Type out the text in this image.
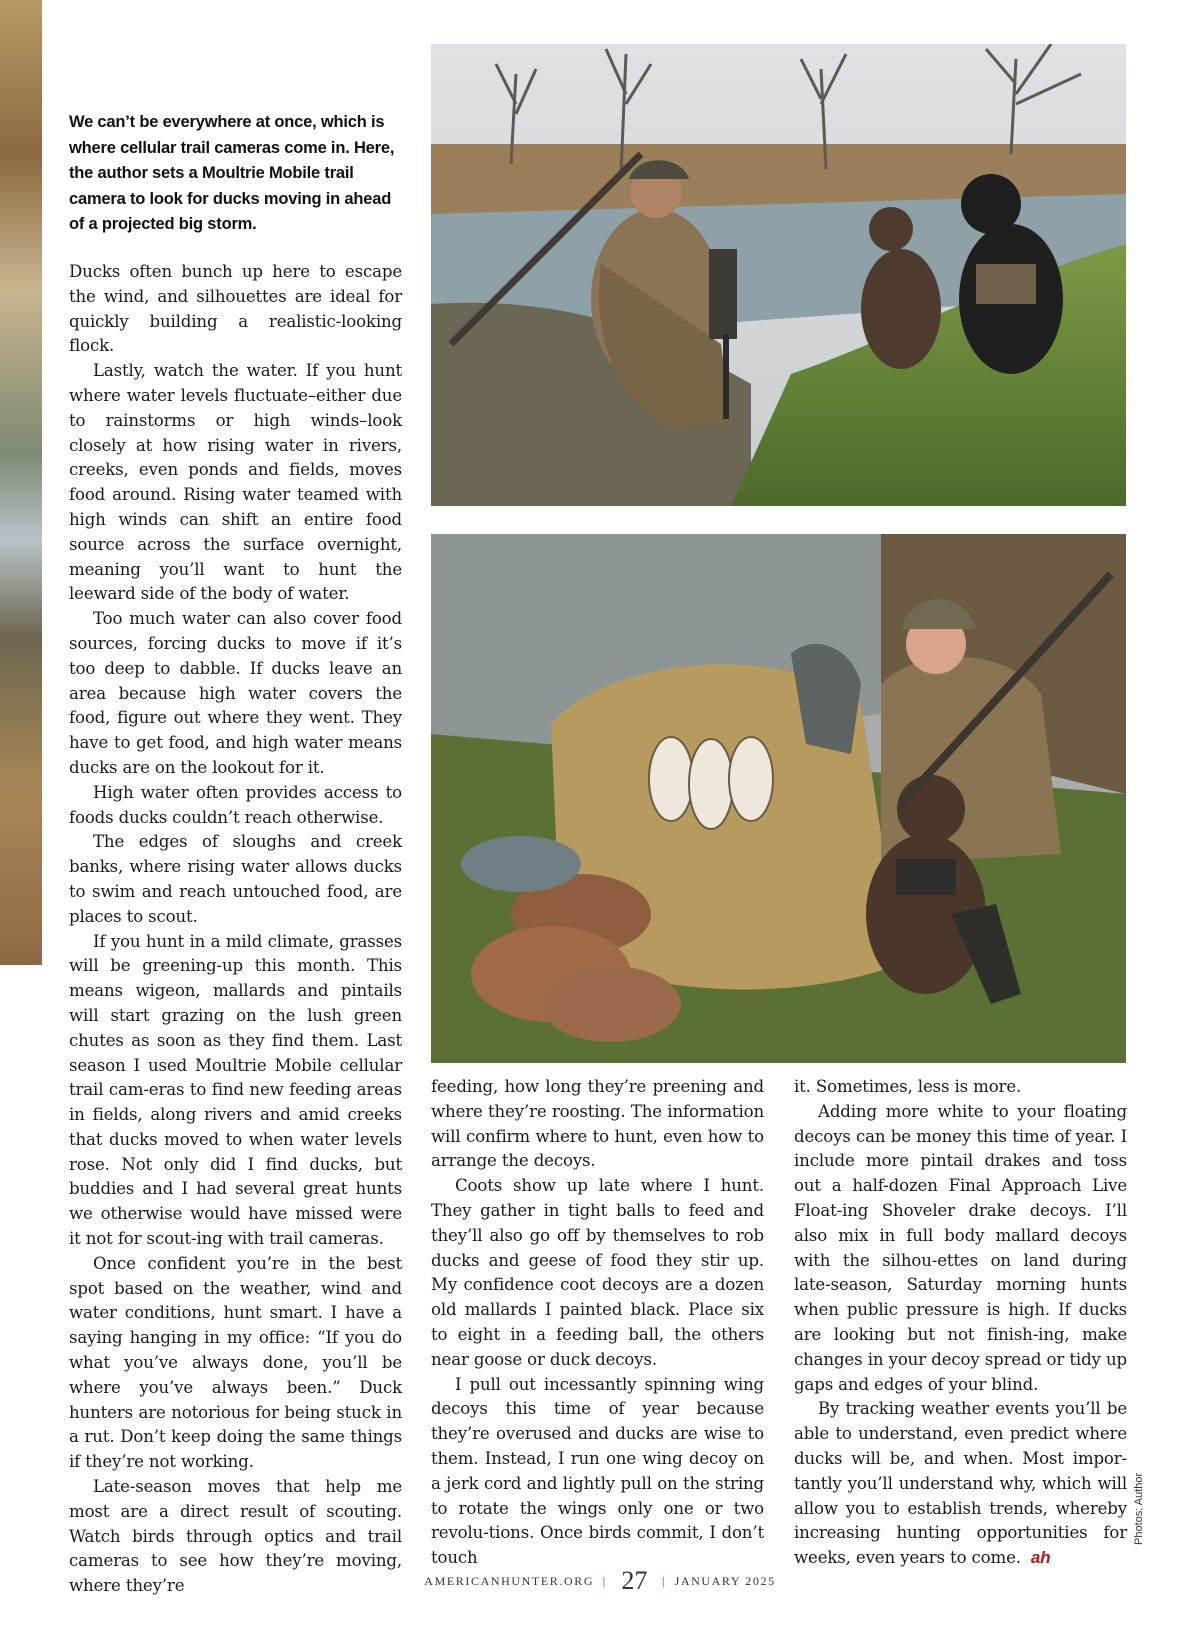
We can’t be everywhere at once, which is where cellular trail cameras come in. Here, the author sets a Moultrie Mobile trail camera to look for ducks moving in ahead of a projected big storm.

Ducks often bunch up here to escape the wind, and silhouettes are ideal for quickly building a realistic-looking flock.

Lastly, watch the water. If you hunt where water levels fluctuate–either due to rainstorms or high winds–look closely at how rising water in rivers, creeks, even ponds and fields, moves food around. Rising water teamed with high winds can shift an entire food source across the surface overnight, meaning you’ll want to hunt the leeward side of the body of water.

Too much water can also cover food sources, forcing ducks to move if it’s too deep to dabble. If ducks leave an area because high water covers the food, figure out where they went. They have to get food, and high water means ducks are on the lookout for it.

High water often provides access to foods ducks couldn’t reach otherwise.

The edges of sloughs and creek banks, where rising water allows ducks to swim and reach untouched food, are places to scout.

If you hunt in a mild climate, grasses will be greening-up this month. This means wigeon, mallards and pintails will start grazing on the lush green chutes as soon as they find them. Last season I used Moultrie Mobile cellular trail cam-eras to find new feeding areas in fields, along rivers and amid creeks that ducks moved to when water levels rose. Not only did I find ducks, but buddies and I had several great hunts we otherwise would have missed were it not for scout-ing with trail cameras.

Once confident you’re in the best spot based on the weather, wind and water conditions, hunt smart. I have a saying hanging in my office: “If you do what you’ve always done, you’ll be where you’ve always been.” Duck hunters are notorious for being stuck in a rut. Don’t keep doing the same things if they’re not working.

Late-season moves that help me most are a direct result of scouting. Watch birds through optics and trail cameras to see how they’re moving, where they’re

feeding, how long they’re preening and where they’re roosting. The information will confirm where to hunt, even how to arrange the decoys.

Coots show up late where I hunt. They gather in tight balls to feed and they’ll also go off by themselves to rob ducks and geese of food they stir up. My confidence coot decoys are a dozen old mallards I painted black. Place six to eight in a feeding ball, the others near goose or duck decoys.

I pull out incessantly spinning wing decoys this time of year because they’re overused and ducks are wise to them. Instead, I run one wing decoy on a jerk cord and lightly pull on the string to rotate the wings only one or two revolu-tions. Once birds commit, I don’t touch

it. Sometimes, less is more.

Adding more white to your floating decoys can be money this time of year. I include more pintail drakes and toss out a half-dozen Final Approach Live Float-ing Shoveler drake decoys. I’ll also mix in full body mallard decoys with the silhou-ettes on land during late-season, Saturday morning hunts when public pressure is high. If ducks are looking but not finish-ing, make changes in your decoy spread or tidy up gaps and edges of your blind.

By tracking weather events you’ll be able to understand, even predict where ducks will be, and when. Most impor-tantly you’ll understand why, which will allow you to establish trends, whereby increasing hunting opportunities for weeks, even years to come. ah

Photos: Author

AMERICANHUNTER.ORG | 27 | JANUARY 2025
